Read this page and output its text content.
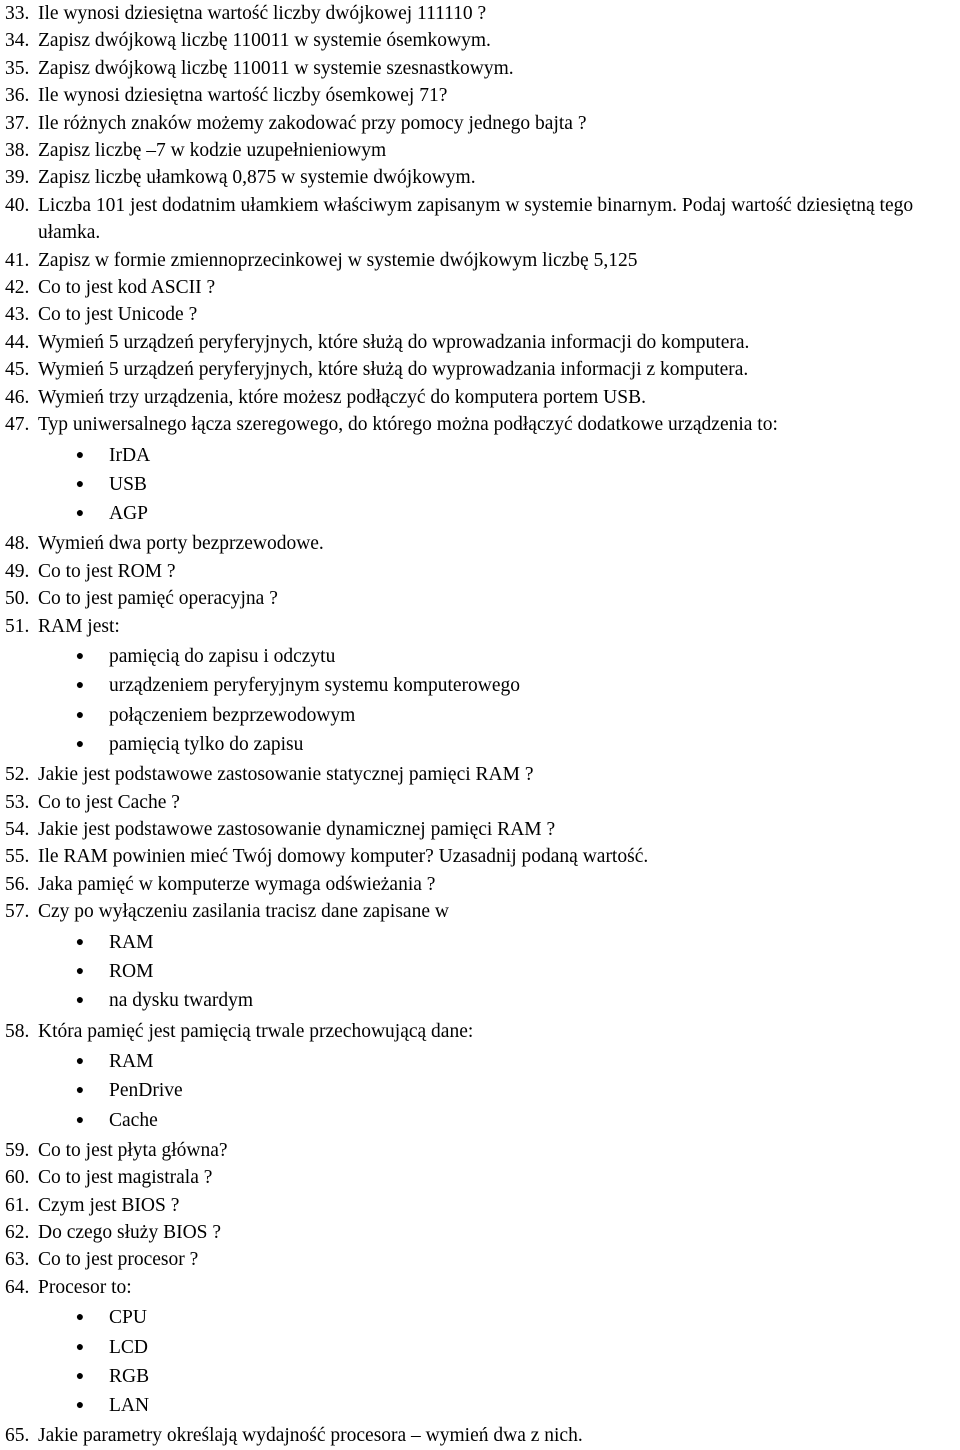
33. Ile wynosi dziesiętna wartość liczby dwójkowej 111110 ?
34. Zapisz dwójkową liczbę 110011 w systemie ósemkowym.
35. Zapisz dwójkową liczbę 110011 w systemie szesnastkowym.
36. Ile wynosi dziesiętna wartość liczby ósemkowej 71?
37. Ile różnych znaków możemy zakodować przy pomocy jednego bajta ?
38. Zapisz liczbę –7 w kodzie uzupełnieniowym
39. Zapisz liczbę ułamkową 0,875 w systemie dwójkowym.
40. Liczba 101 jest dodatnim ułamkiem właściwym zapisanym w systemie binarnym. Podaj wartość dziesiętną tego ułamka.
41. Zapisz w formie zmiennoprzecinkowej w systemie dwójkowym liczbę 5,125
42. Co to jest kod ASCII ?
43. Co to jest Unicode ?
44. Wymień 5 urządzeń peryferyjnych, które służą do wprowadzania informacji do komputera.
45. Wymień 5 urządzeń peryferyjnych, które służą do wyprowadzania informacji z komputera.
46. Wymień trzy urządzenia, które możesz podłączyć do komputera portem USB.
47. Typ uniwersalnego łącza szeregowego, do którego można podłączyć dodatkowe urządzenia to:
● IrDA
● USB
● AGP
48. Wymień dwa porty bezprzewodowe.
49. Co to jest ROM ?
50. Co to jest pamięć operacyjna ?
51. RAM jest:
● pamięcią do zapisu i odczytu
● urządzeniem peryferyjnym systemu komputerowego
● połączeniem bezprzewodowym
● pamięcią tylko do zapisu
52. Jakie jest podstawowe zastosowanie statycznej pamięci RAM ?
53. Co to jest Cache ?
54. Jakie jest podstawowe zastosowanie dynamicznej pamięci RAM ?
55. Ile RAM powinien mieć Twój domowy komputer? Uzasadnij podaną wartość.
56. Jaka pamięć w komputerze wymaga odświeżania ?
57. Czy po wyłączeniu zasilania tracisz dane zapisane w
● RAM
● ROM
● na dysku twardym
58. Która pamięć jest pamięcią trwale przechowującą dane:
● RAM
● PenDrive
● Cache
59. Co to jest płyta główna?
60. Co to jest magistrala ?
61. Czym jest BIOS ?
62. Do czego służy BIOS ?
63. Co to jest procesor ?
64. Procesor to:
● CPU
● LCD
● RGB
● LAN
65. Jakie parametry określają wydajność procesora – wymień dwa z nich.
